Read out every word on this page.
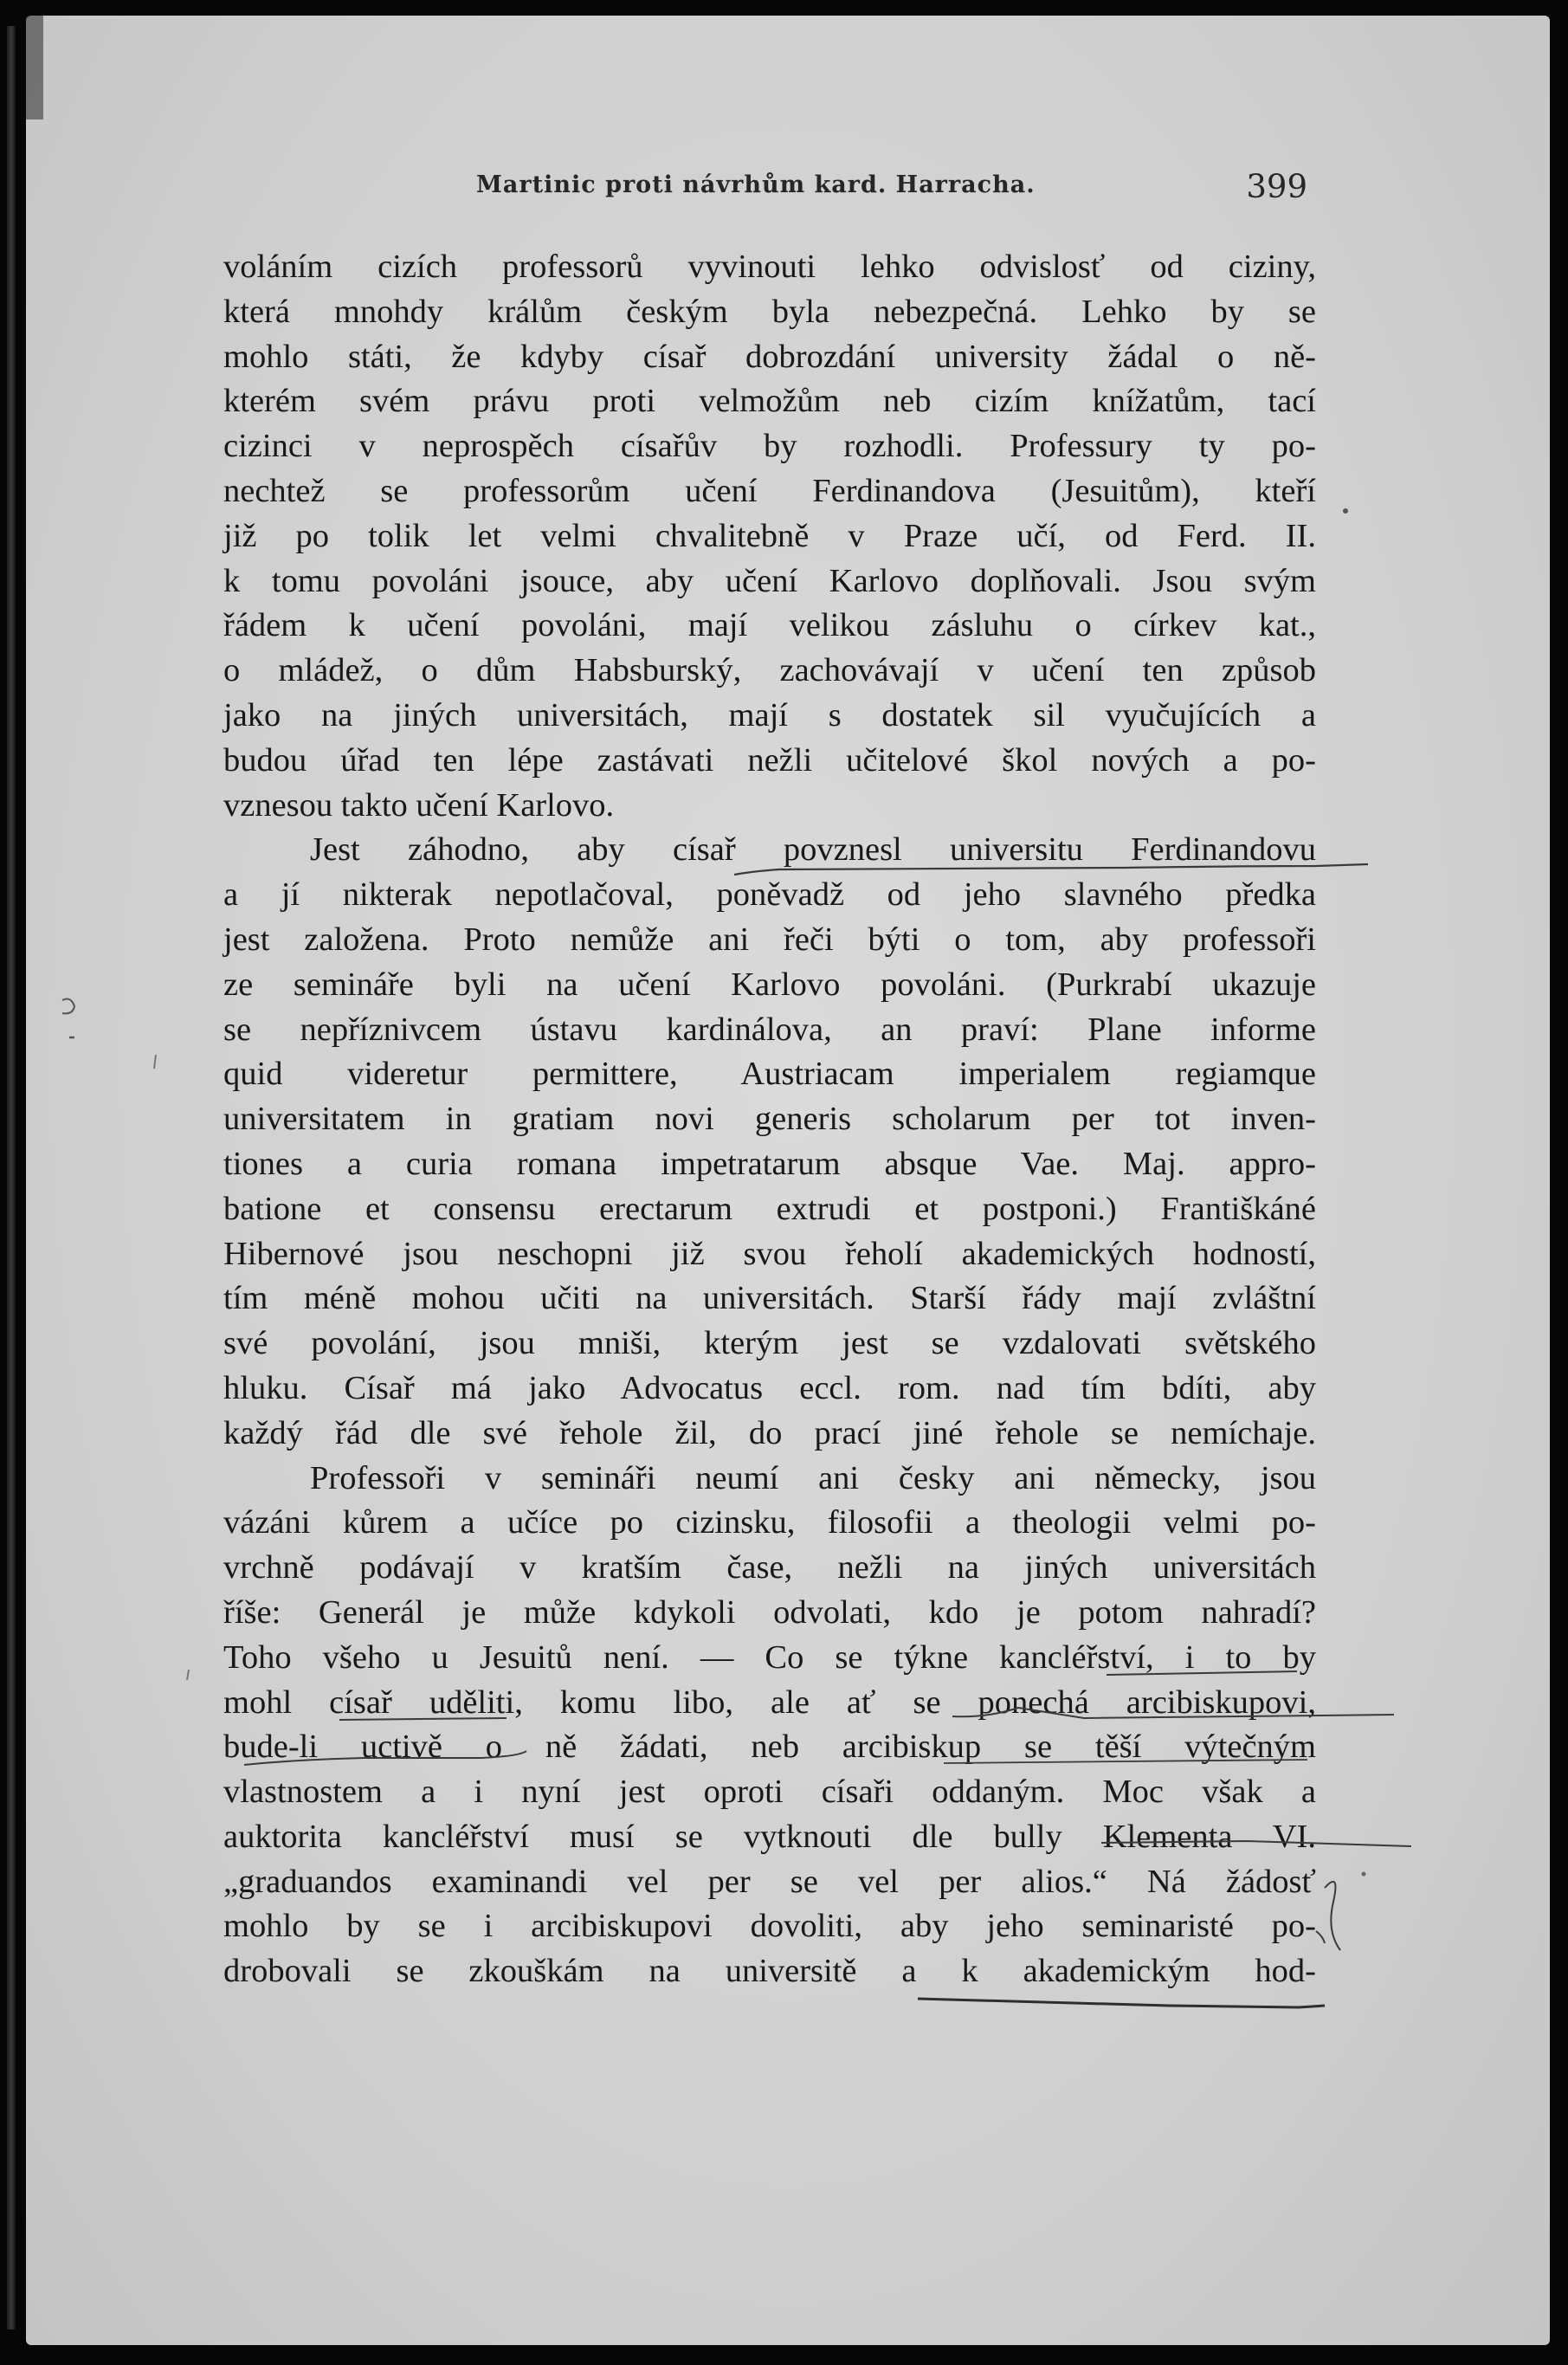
Martinic proti návrhům kard. Harracha.	399
voláním cizích professorů vyvinouti lehko odvislosť od ciziny,
která mnohdy králům českým byla nebezpečná. Lehko by se
mohlo státi, že kdyby císař dobrozdání university žádal o ně-
kterém svém právu proti velmožům neb cizím knížatům, tací
cizinci v neprospěch císařův by rozhodli. Professury ty po-
nechtež se professorům učení Ferdinandova (Jesuitům), kteří
již po tolik let velmi chvalitebně v Praze učí, od Ferd. II.
k tomu povoláni jsouce, aby učení Karlovo doplňovali. Jsou svým
řádem k učení povoláni, mají velikou zásluhu o církev kat.,
o mládež, o dům Habsburský, zachovávají v učení ten způsob
jako na jiných universitách, mají s dostatek sil vyučujících a
budou úřad ten lépe zastávati nežli učitelové škol nových a po-
vznesou takto učení Karlovo.
Jest záhodno, aby císař povznesl universitu Ferdinandovu
a jí nikterak nepotlačoval, poněvadž od jeho slavného předka
jest založena. Proto nemůže ani řeči býti o tom, aby professoři
ze semináře byli na učení Karlovo povoláni. (Purkrabí ukazuje
se nepříznivcem ústavu kardinálova, an praví: Plane informe
quid videretur permittere, Austriacam imperialem regiamque
universitatem in gratiam novi generis scholarum per tot inven-
tiones a curia romana impetratarum absque Vae. Maj. appro-
batione et consensu erectarum extrudi et postponi.) Františkáné
Hibernové jsou neschopni již svou řeholí akademických hodností,
tím méně mohou učiti na universitách. Starší řády mají zvláštní
své povolání, jsou mniši, kterým jest se vzdalovati světského
hluku. Císař má jako Advocatus eccl. rom. nad tím bdíti, aby
každý řád dle své řehole žil, do prací jiné řehole se nemíchaje.
Professoři v semináři neumí ani česky ani německy, jsou
vázáni kůrem a učíce po cizinsku, filosofii a theologii velmi po-
vrchně podávají v kratším čase, nežli na jiných universitách
říše: Generál je může kdykoli odvolati, kdo je potom nahradí?
Toho všeho u Jesuitů není. — Co se týkne kancléřství, i to by
mohl císař uděliti, komu libo, ale ať se ponechá arcibiskupovi,
bude-li uctivě o ně žádati, neb arcibiskup se těší výtečným
vlastnostem a i nyní jest oproti císaři oddaným. Moc však a
auktorita kancléřství musí se vytknouti dle bully Klementa VI.
„graduandos examinandi vel per se vel per alios.“ Ná žádosť
mohlo by se i arcibiskupovi dovoliti, aby jeho seminaristé po-
drobovali se zkouškám na universitě a k akademickým hod-
